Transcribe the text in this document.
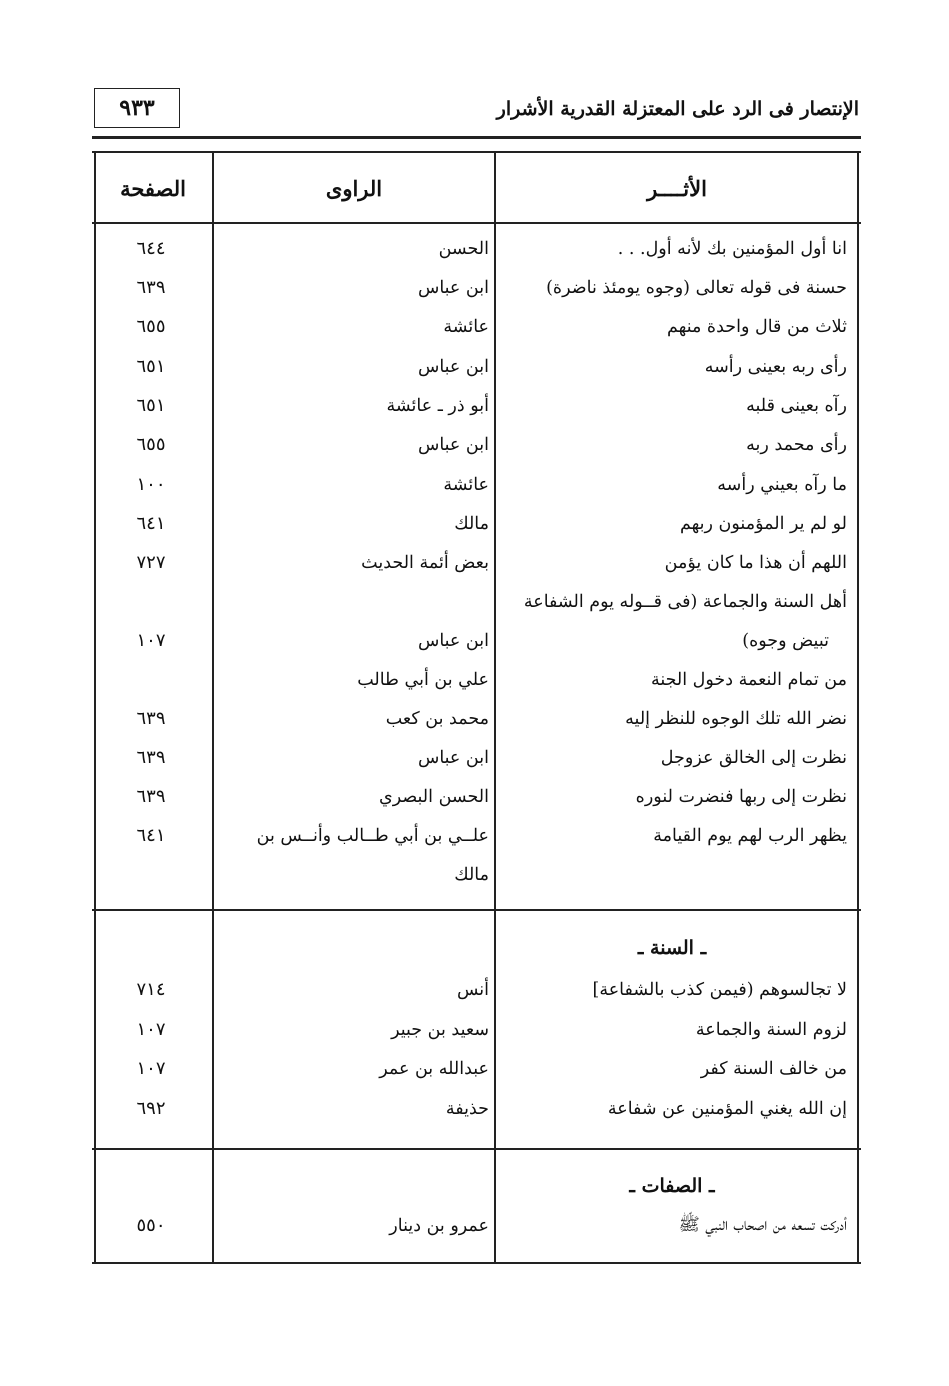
٩٣٣	الإنتصار فى الرد على المعتزلة القدرية الأشرار
الأثــــر
الراوى
الصفحة
انا أول المؤمنين بك لأنه أول. . .
الحسن
٦٤٤
حسنة فى قوله تعالى (وجوه يومئذ ناضرة)
ابن عباس
٦٣٩
ثلاث من قال واحدة منهم
عائشة
٦٥٥
رأى ربه بعينى رأسه
ابن عباس
٦٥١
رآه بعينى قلبه
أبو ذر ـ عائشة
٦٥١
رأى محمد ربه
ابن عباس
٦٥٥
ما رآه بعيني رأسه
عائشة
١٠٠
لو لم ير المؤمنون ربهم
مالك
٦٤١
اللهم أن هذا ما كان يؤمن
بعض أئمة الحديث
٧٢٧
أهل السنة والجماعة (فى قــوله يوم الشفاعة
تبيض وجوه)
ابن عباس
١٠٧
من تمام النعمة دخول الجنة
علي بن أبي طالب
نضر الله تلك الوجوه للنظر إليه
محمد بن كعب
٦٣٩
نظرت إلى الخالق عزوجل
ابن عباس
٦٣٩
نظرت إلى ربها فنضرت لنوره
الحسن البصري
٦٣٩
يظهر الرب لهم يوم القيامة
علــي بن أبي طــالب وأنــس بن
٦٤١
مالك
ـ السنة ـ
لا تجالسوهم (فيمن كذب بالشفاعة]
أنس
٧١٤
لزوم السنة والجماعة
سعيد بن جبير
١٠٧
من خالف السنة كفر
عبدالله بن عمر
١٠٧
إن الله يغني المؤمنين عن شفاعة
حذيفة
٦٩٢
ـ الصفات ـ
أدركت تسعه من اصحاب النبي ﷺ
عمرو بن دينار
٥٥٠
